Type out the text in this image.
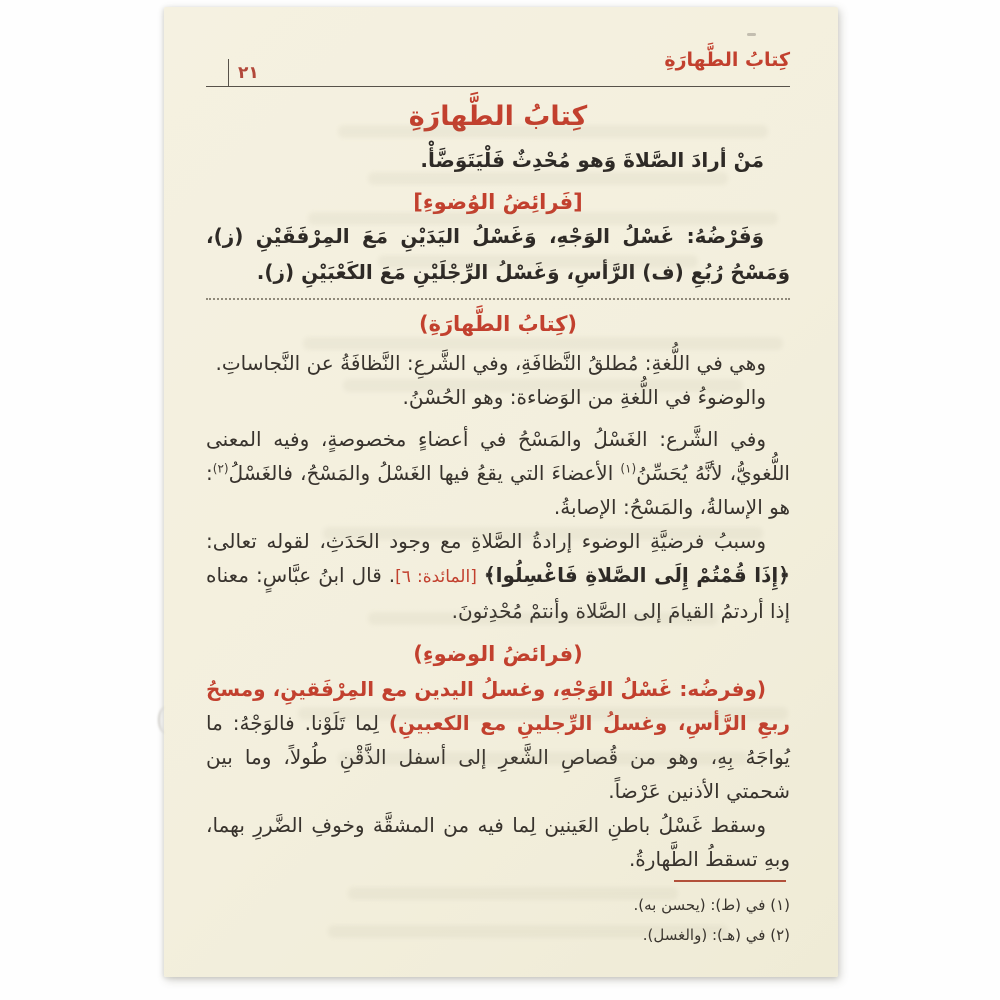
٢١
كِتابُ الطَّهارَةِ
كِتابُ الطَّهارَةِ

مَنْ أرادَ الصَّلاةَ وَهو مُحْدِثٌ فَلْيَتَوَضَّأْ.

[فَرائِضُ الوُضوءِ]

وَفَرْضُهُ: غَسْلُ الوَجْهِ، وَغَسْلُ اليَدَيْنِ مَعَ المِرْفَقَيْنِ (ز)، وَمَسْحُ رُبُعِ (ف) الرَّأسِ، وَغَسْلُ الرِّجْلَيْنِ مَعَ الكَعْبَيْنِ (ز).

(كِتابُ الطَّهارَةِ)

وهي في اللُّغةِ: مُطلقُ النَّظافَةِ، وفي الشَّرعِ: النَّظافَةُ عن النَّجاساتِ.

والوضوءُ في اللُّغةِ من الوَضاءة: وهو الحُسْنُ.

وفي الشَّرع: الغَسْلُ والمَسْحُ في أعضاءٍ مخصوصةٍ، وفيه المعنى اللُّغويُّ، لأنَّهُ يُحَسِّنُ$^{(١)}$ الأعضاءَ التي يقعُ فيها الغَسْلُ والمَسْحُ، فالغَسْلُ$^{(٢)}$: هو الإسالةُ، والمَسْحُ: الإصابةُ.

وسببُ فرضيَّةِ الوضوء إرادةُ الصَّلاةِ مع وجود الحَدَثِ، لقوله تعالى: ﴿إِذَا قُمْتُمْ إِلَى الصَّلاةِ فَاغْسِلُوا﴾ [المائدة: ٦]. قال ابنُ عبَّاسٍ: معناه إذا أردتمُ القيامَ إلى الصَّلاة وأنتمْ مُحْدِثونَ.

(فرائضُ الوضوءِ)

(وفرضُه: غَسْلُ الوَجْهِ، وغسلُ اليدين مع المِرْفَقينِ، ومسحُ ربعِ الرَّأسِ، وغسلُ الرِّجلينِ مع الكعبينِ) لِما تَلَوْنا. فالوَجْهُ: ما يُواجَهُ بِهِ، وهو من قُصاصِ الشَّعرِ إلى أسفل الذَّقْنِ طُولاً، وما بين شحمتي الأذنين عَرْضاً.

وسقط غَسْلُ باطنِ العَينين لِما فيه من المشقَّة وخوفِ الضَّررِ بهما، وبهِ تسقطُ الطَّهارةُ.

(١) في (ط): (يحسن به).
(٢) في (هـ): (والغسل).
